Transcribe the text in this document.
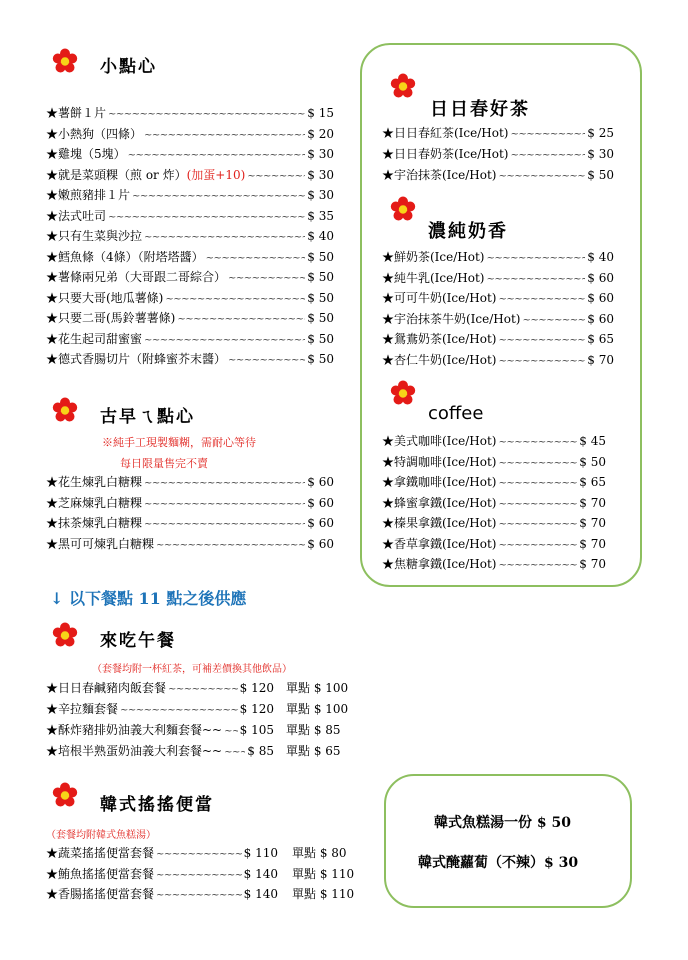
小點心
★薯餅１片 ~~~~~	$ 15
★小熱狗（四條） ~~~~~	$ 20
★雞塊（5塊） ~~~~~	$ 30
★就是菜頭粿（煎 or 炸） (加蛋+10) ~~~~~	$ 30
★嫩煎豬排１片 ~~~~~	$ 30
★法式吐司 ~~~~~	$ 35
★只有生菜與沙拉 ~~~~~	$ 40
★鱈魚條（4條）（附塔塔醬） ~~~~~	$ 50
★薯條兩兄弟（大哥跟二哥綜合） ~~~~~	$ 50
★只要大哥(地瓜薯條) ~~~~~	$ 50
★只要二哥(馬鈴薯薯條) ~~~~~	$ 50
★花生起司甜蜜蜜 ~~~~~	$ 50
★德式香腸切片（附蜂蜜芥末醬） ~~~~~	$ 50
古早ㄟ點心
※純手工現製麵糊，需耐心等待
每日限量售完不賣
★花生煉乳白糖粿 ~~~~~	$ 60
★芝麻煉乳白糖粿 ~~~~~	$ 60
★抹茶煉乳白糖粿 ~~~~~	$ 60
★黑可可煉乳白糖粿 ~~~~~	$ 60
↓ 以下餐點 11 點之後供應
來吃午餐
（套餐均附一杯紅茶，可補差價換其他飲品）
★日日春鹹豬肉飯套餐 ~~~~~	$ 120 單點 $ 100
★辛拉麵套餐 ~~~~~	$ 120 單點 $ 100
★酥炸豬排奶油義大利麵套餐~~ ~~~~~ $ 105 單點 $ 85
★培根半熟蛋奶油義大利套餐~~ ~~~~~ $ 85 單點 $ 65
韓式搖搖便當
（套餐均附韓式魚糕湯）
★蔬菜搖搖便當套餐 ~~~~~	$ 110 單點 $ 80
★鮪魚搖搖便當套餐 ~~~~~	$ 140 單點 $ 110
★香腸搖搖便當套餐 ~~~~~	$ 140 單點 $ 110
日日春好茶
★日日春紅茶(Ice/Hot) ~~~~~	$ 25
★日日春奶茶(Ice/Hot) ~~~~~	$ 30
★宇治抹茶(Ice/Hot) ~~~~~	$ 50
濃純奶香
★鮮奶茶(Ice/Hot) ~~~~~	$ 40
★純牛乳(Ice/Hot) ~~~~~	$ 60
★可可牛奶(Ice/Hot) ~~~~~	$ 60
★宇治抹茶牛奶(Ice/Hot) ~~~~~	$ 60
★鴛鴦奶茶(Ice/Hot) ~~~~~	$ 65
★杏仁牛奶(Ice/Hot) ~~~~~	$ 70
coffee
★美式咖啡(Ice/Hot) ~~~~~	$ 45
★特調咖啡(Ice/Hot) ~~~~~	$ 50
★拿鐵咖啡(Ice/Hot) ~~~~~	$ 65
★蜂蜜拿鐵(Ice/Hot) ~~~~~	$ 70
★榛果拿鐵(Ice/Hot) ~~~~~	$ 70
★香草拿鐵(Ice/Hot) ~~~~~	$ 70
★焦糖拿鐵(Ice/Hot) ~~~~~	$ 70
韓式魚糕湯一份 $ 50
韓式醃蘿蔔（不辣）$ 30
